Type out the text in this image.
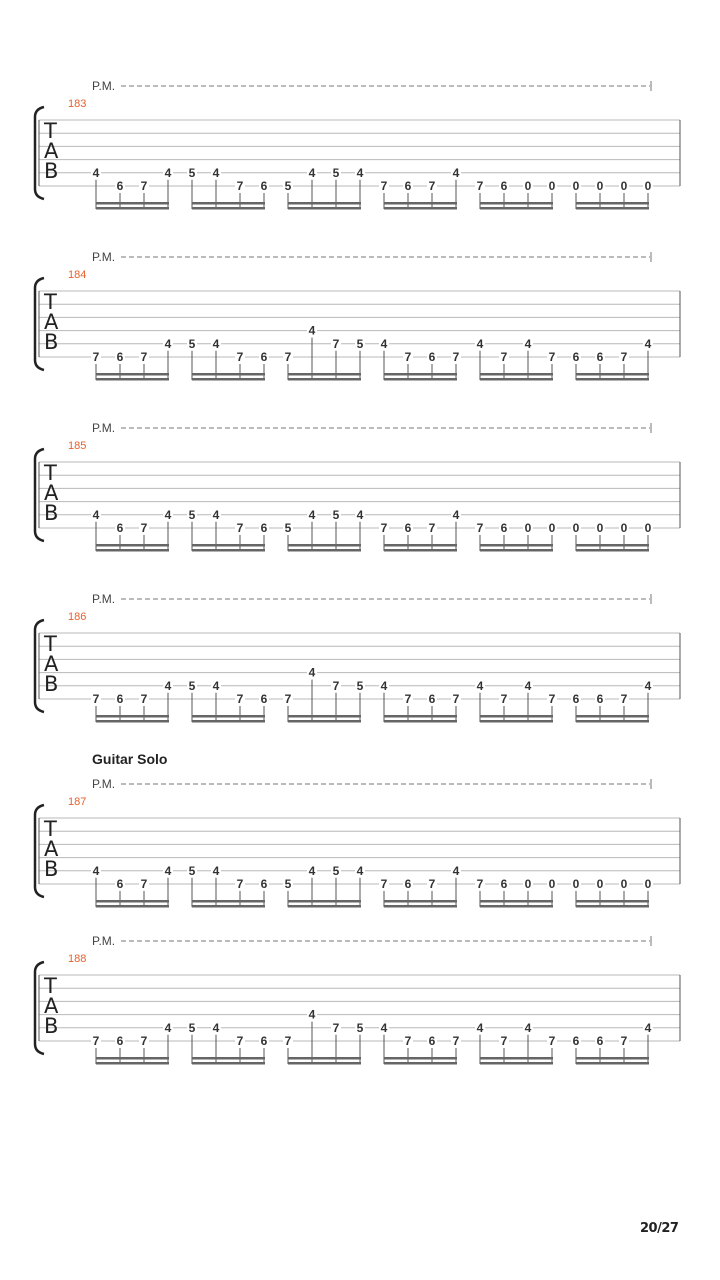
P.M.
183
T
A
B	4
6 7
4 5 4
7 6 5
4 5 4
7 6 7
4
7 6 0 0 0 0 0 0
P.M.
184
T
A
B
7 6 7
4 5 4
7 6 7
4
7 5 4
7 6 7
4
7
4
7 6 6 7
4
P.M.
185
T
A
B	4
6 7
4 5 4
7 6 5
4 5 4
7 6 7
4
7 6 0 0 0 0 0 0
P.M.
186
T
A
B
7 6 7
4 5 4
7 6 7
4
7 5 4
7 6 7
4
7
4
7 6 6 7
4
Guitar Solo
P.M.
187
T
A
B	4
6 7
4 5 4
7 6 5
4 5 4
7 6 7
4
7 6 0 0 0 0 0 0
P.M.
188
T
A
B
7 6 7
4 5 4
7 6 7
4
7 5 4
7 6 7
4
7
4
7 6 6 7
4
20/27
